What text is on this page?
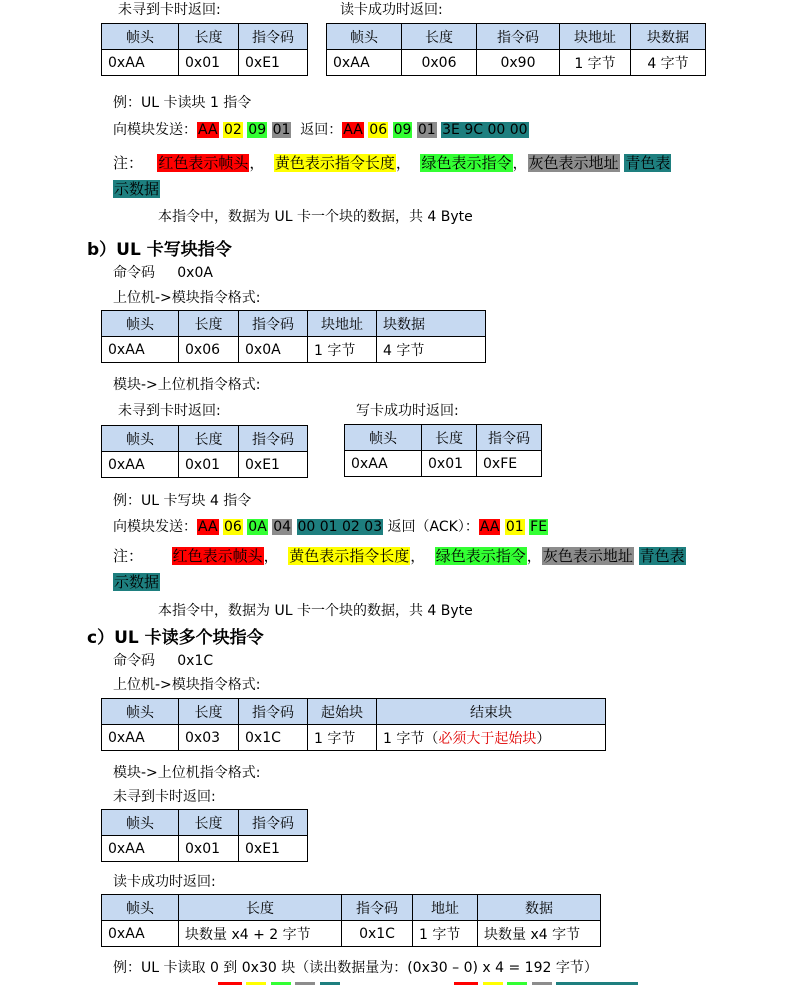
未寻到卡时返回:	读卡成功时返回:
帧头	长度	指令码
0xAA	0x01	0xE1
帧头	长度	指令码	块地址	块数据
0xAA	0x06	0x90	1 字节	4 字节
例：UL 卡读块 1 指令
向模块发送：AA 02 09 01 返回：AA 06 09 01 3E 9C 00 00
注： 红色表示帧头， 黄色表示指令长度， 绿色表示指令，灰色表示地址 青色表
示数据
本指令中，数据为 UL 卡一个块的数据，共 4 Byte
b）UL 卡写块指令
命令码 0x0A
上位机->模块指令格式:
帧头	长度	指令码	块地址	块数据
0xAA	0x06	0x0A	1 字节	4 字节
模块->上位机指令格式:
未寻到卡时返回:	写卡成功时返回:
帧头	长度	指令码
0xAA	0x01	0xE1
帧头	长度	指令码
0xAA	0x01	0xFE
例：UL 卡写块 4 指令
向模块发送：AA 06 0A 04 00 01 02 03 返回（ACK）：AA 01 FE
注： 红色表示帧头， 黄色表示指令长度， 绿色表示指令，灰色表示地址 青色表
示数据
本指令中，数据为 UL 卡一个块的数据，共 4 Byte
c）UL 卡读多个块指令
命令码 0x1C
上位机->模块指令格式:
帧头	长度	指令码	起始块	结束块
0xAA	0x03	0x1C	1 字节	1 字节（必须大于起始块）
模块->上位机指令格式:
未寻到卡时返回:
帧头	长度	指令码
0xAA	0x01	0xE1
读卡成功时返回:
帧头	长度	指令码	地址	数据
0xAA	块数量 x4 + 2 字节	0x1C	1 字节	块数量 x4 字节
例：UL 卡读取 0 到 0x30 块（读出数据量为：(0x30 – 0) x 4 = 192 字节）
